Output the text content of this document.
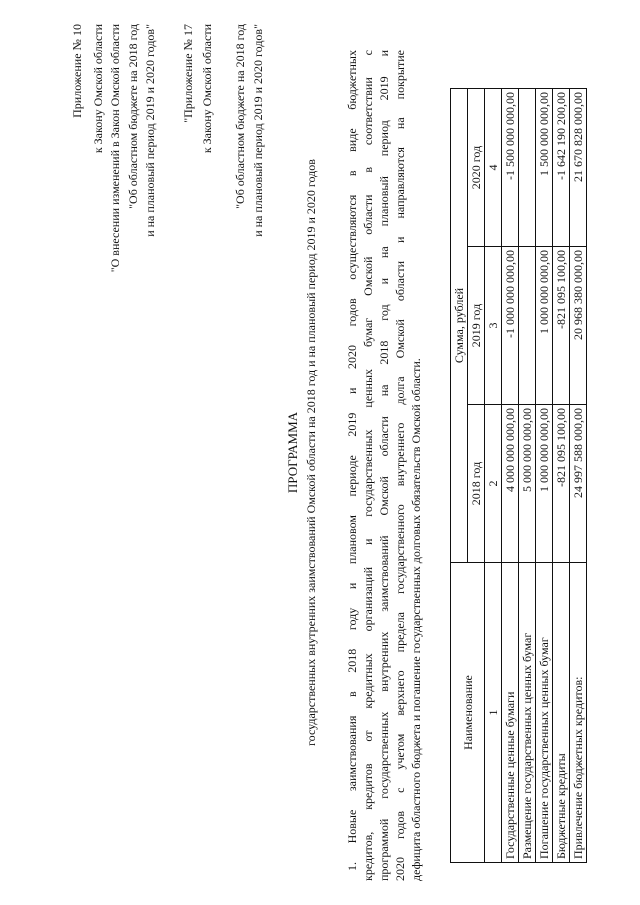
Приложение № 10 к Закону Омской области "О внесении изменений в Закон Омской области "Об областном бюджете на 2018 год и на плановый период 2019 и 2020 годов" "Приложение № 17 к Закону Омской области "Об областном бюджете на 2018 год и на плановый период 2019 и 2020 годов"
ПРОГРАММА государственных внутренних заимствований Омской области на 2018 год и на плановый период 2019 и 2020 годов 1. Новые заимствования в 2018 году и плановом периоде 2019 и 2020 годов осуществляются в виде бюджетных кредитов, кредитов от кредитных организаций и государственных ценных бумаг Омской области в соответствии с программой государственных внутренних заимствований Омской области на 2018 год и на плановый период 2019 и 2020 годов с учетом верхнего предела государственного внутреннего долга Омской области и направляются на покрытие дефицита областного бюджета и погашение государственных долговых обязательств Омской области.	Наименование	Сумма, рублей		
	2018 год	2019 год	2020 год
1	2	3	4
Государственные ценные бумаги	4 000 000 000,00	-1 000 000 000,00	-1 500 000 000,00
Размещение государственных ценных бумаг	5 000 000 000,00		
Погашение государственных ценных бумаг	1 000 000 000,00	1 000 000 000,00	1 500 000 000,00
Бюджетные кредиты	-821 095 100,00	-821 095 100,00	-1 642 190 200,00
Привлечение бюджетных кредитов:	24 997 588 000,00	20 968 380 000,00	21 670 828 000,00
